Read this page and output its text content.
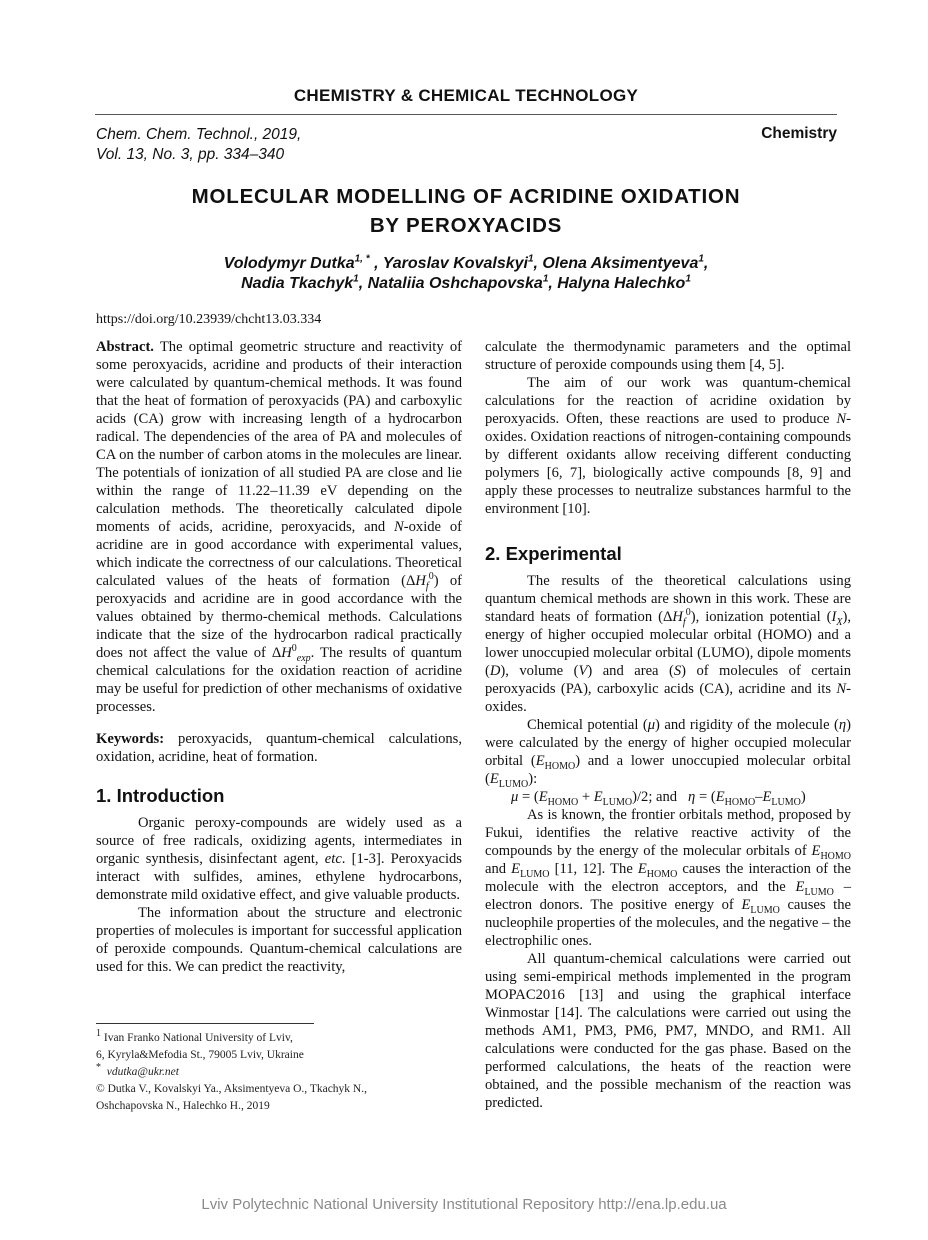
CHEMISTRY & CHEMICAL TECHNOLOGY
Chem. Chem. Technol., 2019,
Vol. 13, No. 3, pp. 334–340
Chemistry
MOLECULAR MODELLING OF ACRIDINE OXIDATION
BY PEROXYACIDS
Volodymyr Dutka$^{1, *}$ , Yaroslav Kovalskyi$^1$, Olena Aksimentyeva$^1$,
Nadia Tkachyk$^1$, Nataliia Oshchapovska$^1$, Halyna Halechko$^1$
https://doi.org/10.23939/chcht13.03.334

Abstract. The optimal geometric structure and reactivity of some peroxyacids, acridine and products of their interaction were calculated by quantum-chemical methods. It was found that the heat of formation of peroxyacids (PA) and carboxylic acids (CA) grow with increasing length of a hydrocarbon radical. The dependencies of the area of PA and molecules of CA on the number of carbon atoms in the molecules are linear. The potentials of ionization of all studied PA are close and lie within the range of 11.22–11.39 eV depending on the calculation methods. The theoretically calculated dipole moments of acids, acridine, peroxyacids, and N-oxide of acridine are in good accordance with experimental values, which indicate the correctness of our calculations. Theoretical calculated values of the heats of formation $(\Delta H_f^0)$ of peroxyacids and acridine are in good accordance with the values obtained by thermo-chemical methods. Calculations indicate that the size of the hydrocarbon radical practically does not affect the value of $\Delta H^0_{exp}$. The results of quantum chemical calculations for the oxidation reaction of acridine may be useful for prediction of other mechanisms of oxidative processes.

Keywords: peroxyacids, quantum-chemical calculations, oxidation, acridine, heat of formation.

1. Introduction

Organic peroxy-compounds are widely used as a source of free radicals, oxidizing agents, intermediates in organic synthesis, disinfectant agent, etc. [1-3]. Peroxyacids interact with sulfides, amines, ethylene hydrocarbons, demonstrate mild oxidative effect, and give valuable products.

The information about the structure and electronic properties of molecules is important for successful application of peroxide compounds. Quantum-chemical calculations are used for this. We can predict the reactivity,

$^1$ Ivan Franko National University of Lviv,

6, Kyryla&Mefodia St., 79005 Lviv, Ukraine

* vdutka@ukr.net

© Dutka V., Kovalskyi Ya., Aksimentyeva O., Tkachyk N.,

Oshchapovska N., Halechko H., 2019

calculate the thermodynamic parameters and the optimal structure of peroxide compounds using them [4, 5].

The aim of our work was quantum-chemical calculations for the reaction of acridine oxidation by peroxyacids. Often, these reactions are used to produce N-oxides. Oxidation reactions of nitrogen-containing compounds by different oxidants allow receiving different conducting polymers [6, 7], biologically active compounds [8, 9] and apply these processes to neutralize substances harmful to the environment [10].

2. Experimental

The results of the theoretical calculations using quantum chemical methods are shown in this work. These are standard heats of formation $(\Delta H_f^0)$, ionization potential $(I_X)$, energy of higher occupied molecular orbital (HOMO) and a lower unoccupied molecular orbital (LUMO), dipole moments (D), volume (V) and area (S) of molecules of certain peroxyacids (PA), carboxylic acids (CA), acridine and its N-oxides.

Chemical potential (μ) and rigidity of the molecule (η) were calculated by the energy of higher occupied molecular orbital $(E_{HOMO})$ and a lower unoccupied molecular orbital $(E_{LUMO})$:

$\mu = (E_{HOMO} + E_{LUMO})/2$; and   $\eta = (E_{HOMO}-E_{LUMO})$

As is known, the frontier orbitals method, proposed by Fukui, identifies the relative reactive activity of the compounds by the energy of the molecular orbitals of $E_{HOMO}$ and $E_{LUMO}$ [11, 12]. The $E_{HOMO}$ causes the interaction of the molecule with the electron acceptors, and the $E_{LUMO}$ – electron donors. The positive energy of $E_{LUMO}$ causes the nucleophile properties of the molecules, and the negative – the electrophilic ones.

All quantum-chemical calculations were carried out using semi-empirical methods implemented in the program MOPAC2016 [13] and using the graphical interface Winmostar [14]. The calculations were carried out using the methods AM1, PM3, PM6, PM7, MNDO, and RM1. All calculations were conducted for the gas phase. Based on the performed calculations, the heats of the reaction were obtained, and the possible mechanism of the reaction was predicted.

Lviv Polytechnic National University Institutional Repository http://ena.lp.edu.ua
